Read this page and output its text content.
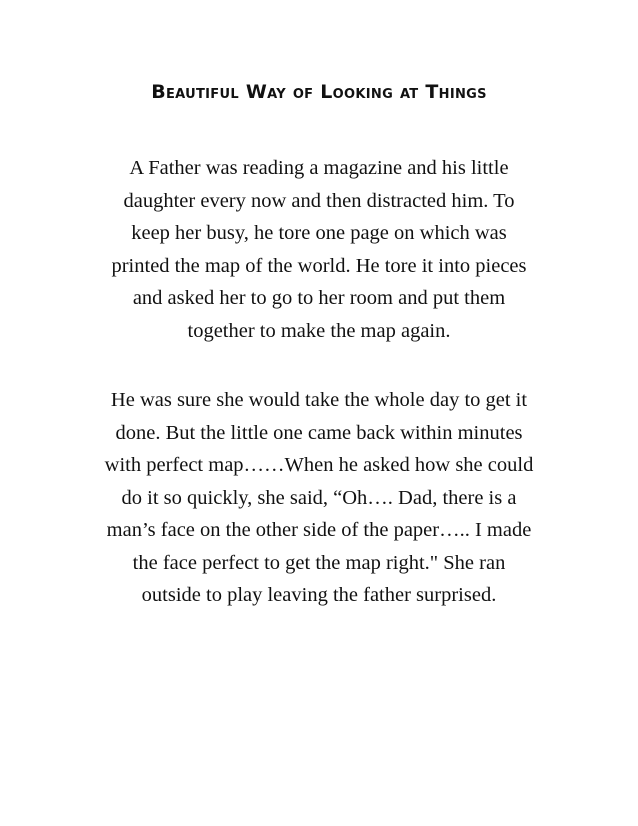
Beautiful Way of Looking at Things

A Father was reading a magazine and his little
daughter every now and then distracted him. To
keep her busy, he tore one page on which was
printed the map of the world. He tore it into pieces
and asked her to go to her room and put them
together to make the map again.

He was sure she would take the whole day to get it
done. But the little one came back within minutes
with perfect map……When he asked how she could
do it so quickly, she said, “Oh…. Dad, there is a
man’s face on the other side of the paper….. I made
the face perfect to get the map right." She ran
outside to play leaving the father surprised.
